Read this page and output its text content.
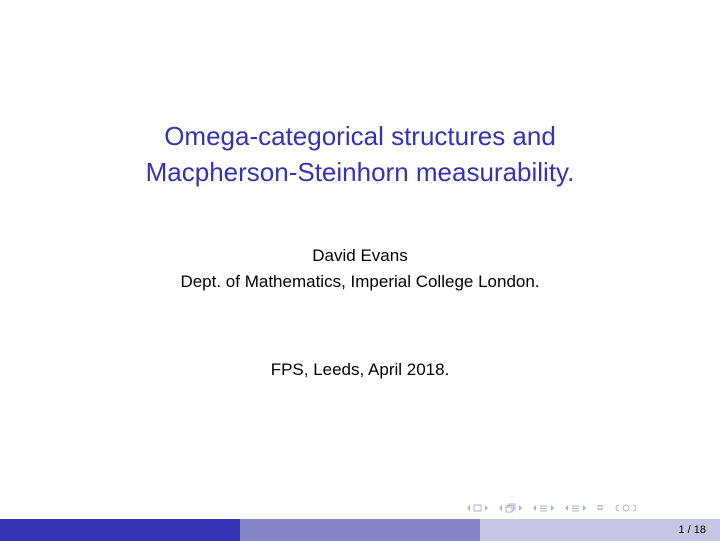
Omega-categorical structures and
Macpherson-Steinhorn measurability.
David Evans
Dept. of Mathematics, Imperial College London.
FPS, Leeds, April 2018.
1 / 18
